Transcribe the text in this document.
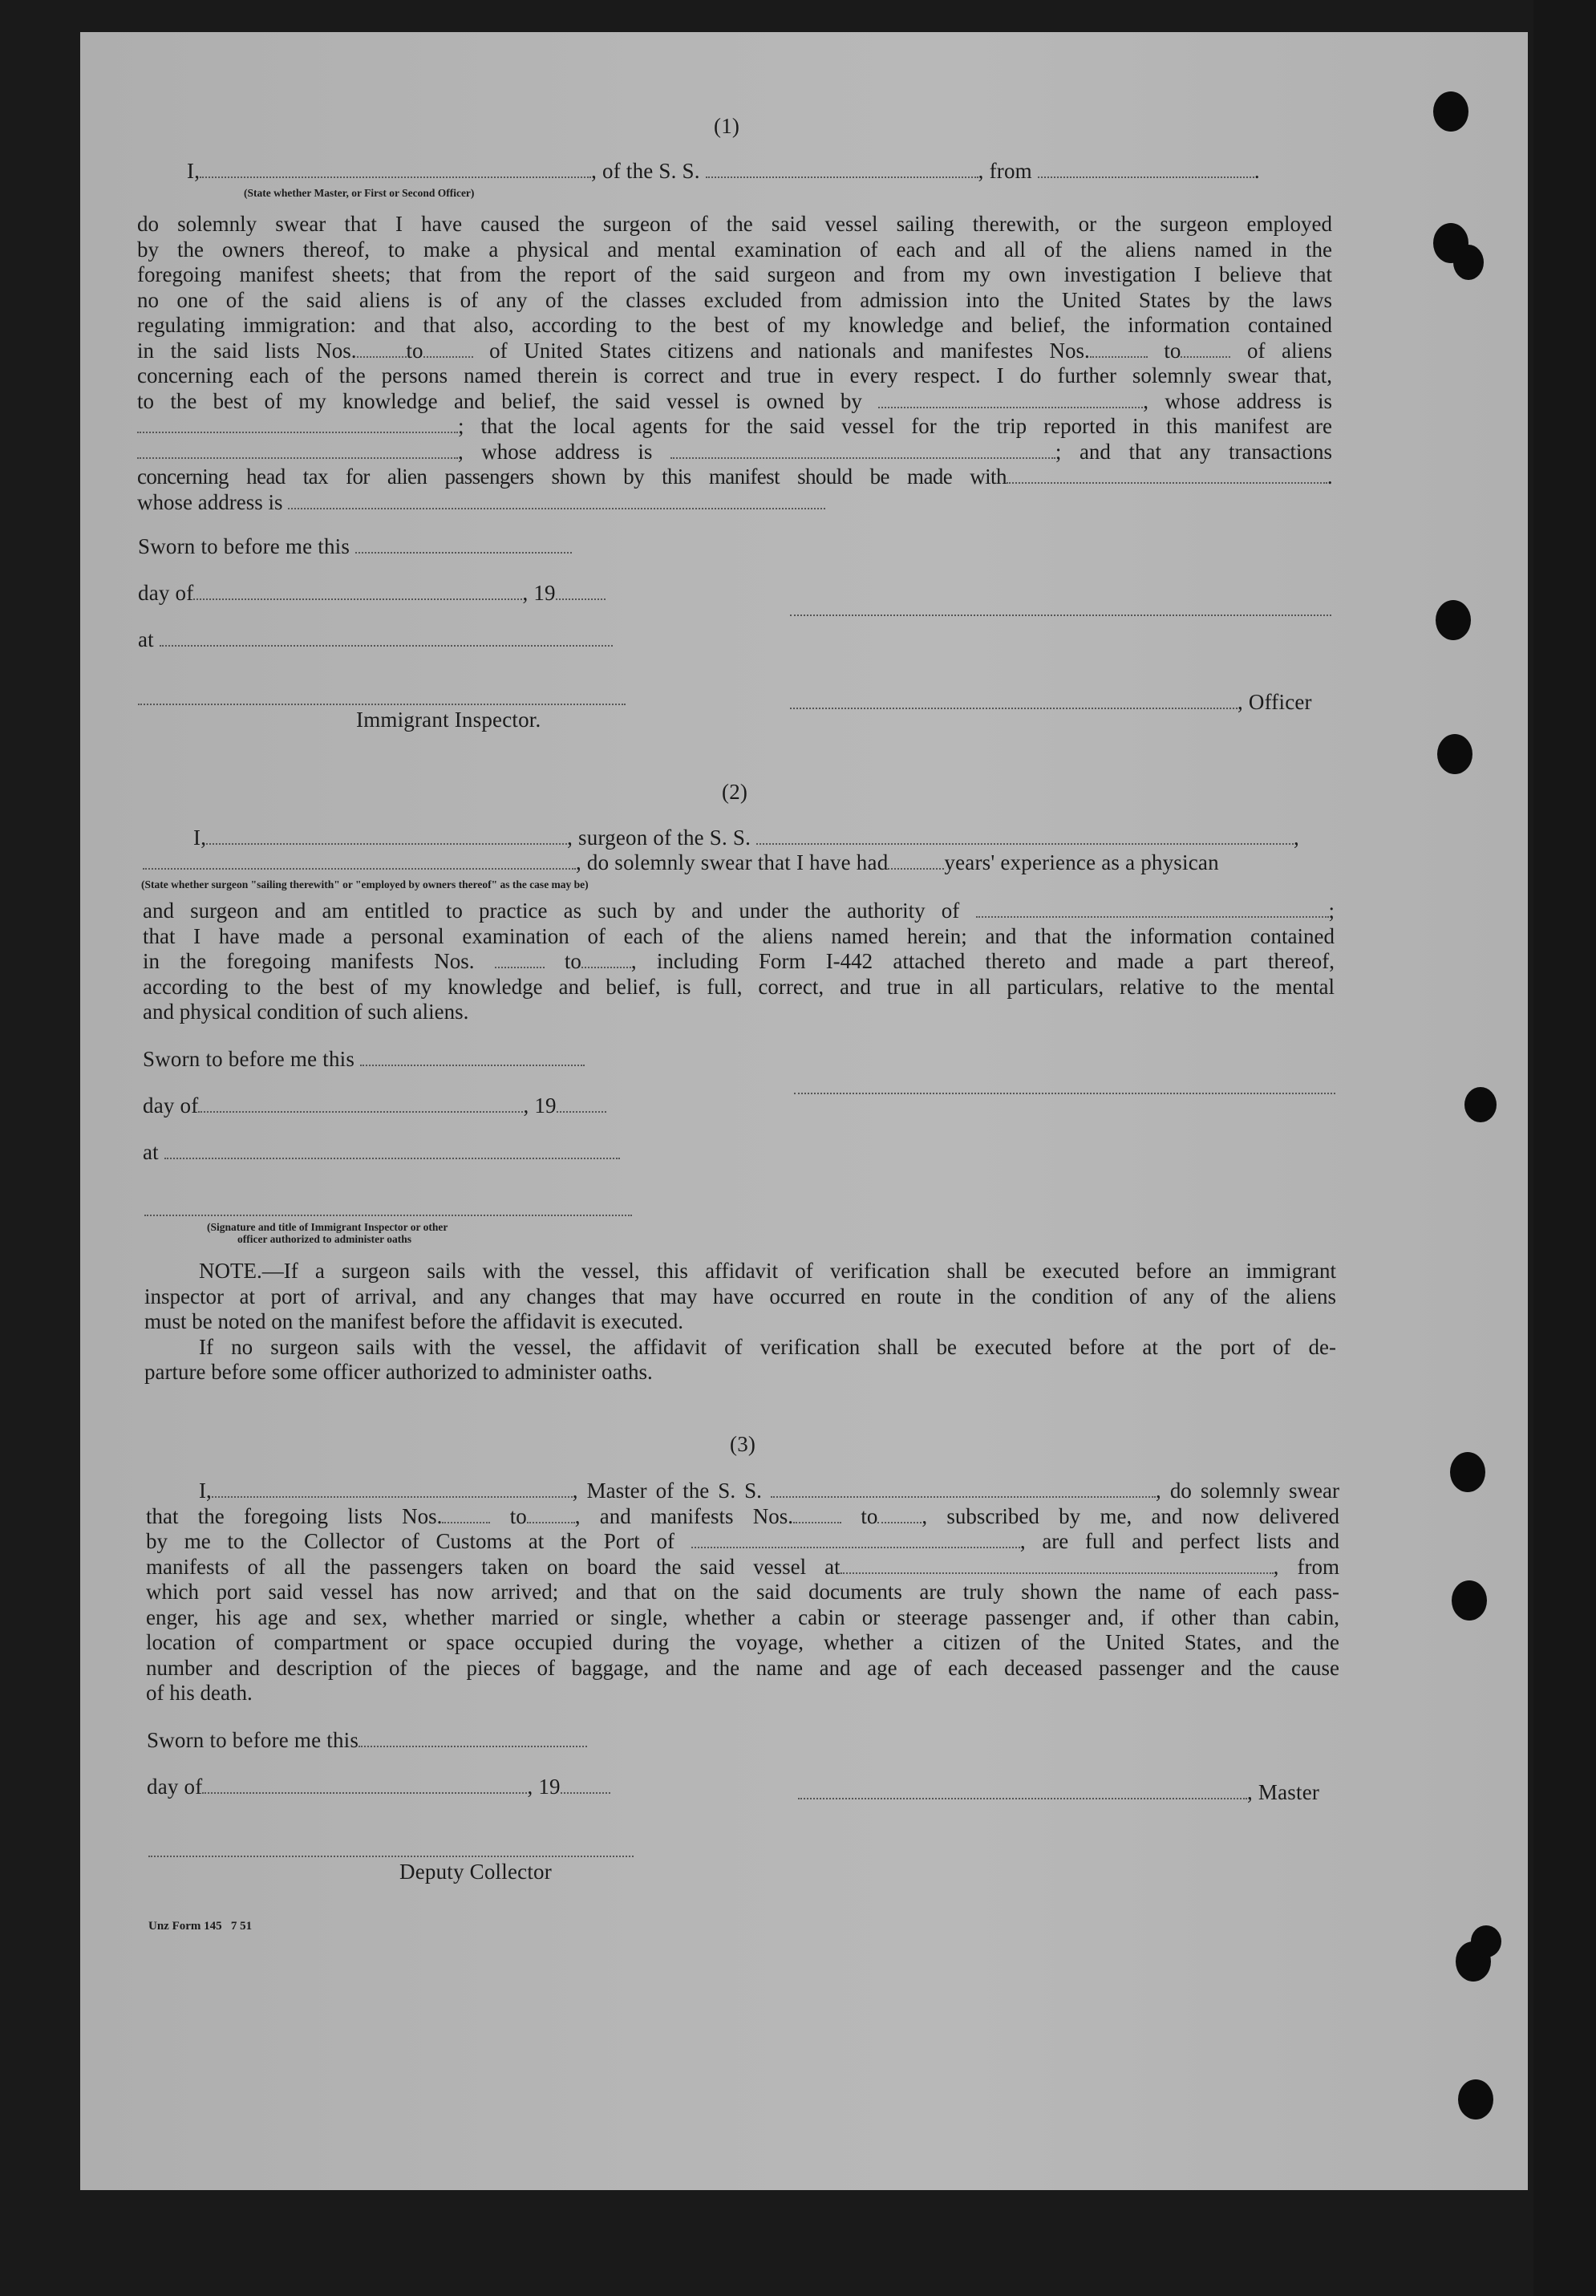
(1)
I,	, of the S. S.	, from	.
(State whether Master, or First or Second Officer)
do solemnly swear that I have caused the surgeon of the said vessel sailing therewith, or the surgeon employed
by the owners thereof, to make a physical and mental examination of each and all of the aliens named in the
foregoing manifest sheets; that from the report of the said surgeon and from my own investigation I believe that
no one of the said aliens is of any of the classes excluded from admission into the United States by the laws
regulating immigration: and that also, according to the best of my knowledge and belief, the information contained
in the said lists Nos. to	of United States citizens and nationals and manifestes Nos.	to	of aliens
concerning each of the persons named therein is correct and true in every respect. I do further solemnly swear that,
to the best of my knowledge and belief, the said vessel is owned by	, whose address is
; that the local agents for the said vessel for the trip reported in this manifest are
, whose address is	; and that any transactions
concerning head tax for alien passengers shown by this manifest should be made with	.
whose address is
Sworn to before me this
day of	, 19
at
, Officer
Immigrant Inspector.
(2)
I,	, surgeon of the S. S.	,
, do solemnly swear that I have had	years' experience as a physican
(State whether surgeon "sailing therewith" or "employed by owners thereof" as the case may be)
and surgeon and am entitled to practice as such by and under the authority of	;
that I have made a personal examination of each of the aliens named herein; and that the information contained
in the foregoing manifests Nos.	to , including Form I-442 attached thereto and made a part thereof,
according to the best of my knowledge and belief, is full, correct, and true in all particulars, relative to the mental
and physical condition of such aliens.
Sworn to before me this
day of	, 19
at
(Signature and title of Immigrant Inspector or other
officer authorized to administer oaths
NOTE.—If a surgeon sails with the vessel, this affidavit of verification shall be executed before an immigrant
inspector at port of arrival, and any changes that may have occurred en route in the condition of any of the aliens
must be noted on the manifest before the affidavit is executed.
If no surgeon sails with the vessel, the affidavit of verification shall be executed before at the port of de-
parture before some officer authorized to administer oaths.
(3)
I,	, Master of the S. S.	, do solemnly swear
that the foregoing lists Nos.	to , and manifests Nos.	to , subscribed by me, and now delivered
by me to the Collector of Customs at the Port of	, are full and perfect lists and
manifests of all the passengers taken on board the said vessel at	, from
which port said vessel has now arrived; and that on the said documents are truly shown the name of each pass-
enger, his age and sex, whether married or single, whether a cabin or steerage passenger and, if other than cabin,
location of compartment or space occupied during the voyage, whether a citizen of the United States, and the
number and description of the pieces of baggage, and the name and age of each deceased passenger and the cause
of his death.
Sworn to before me this
day of	, 19	, Master
Deputy Collector
Unz Form 145   7 51
